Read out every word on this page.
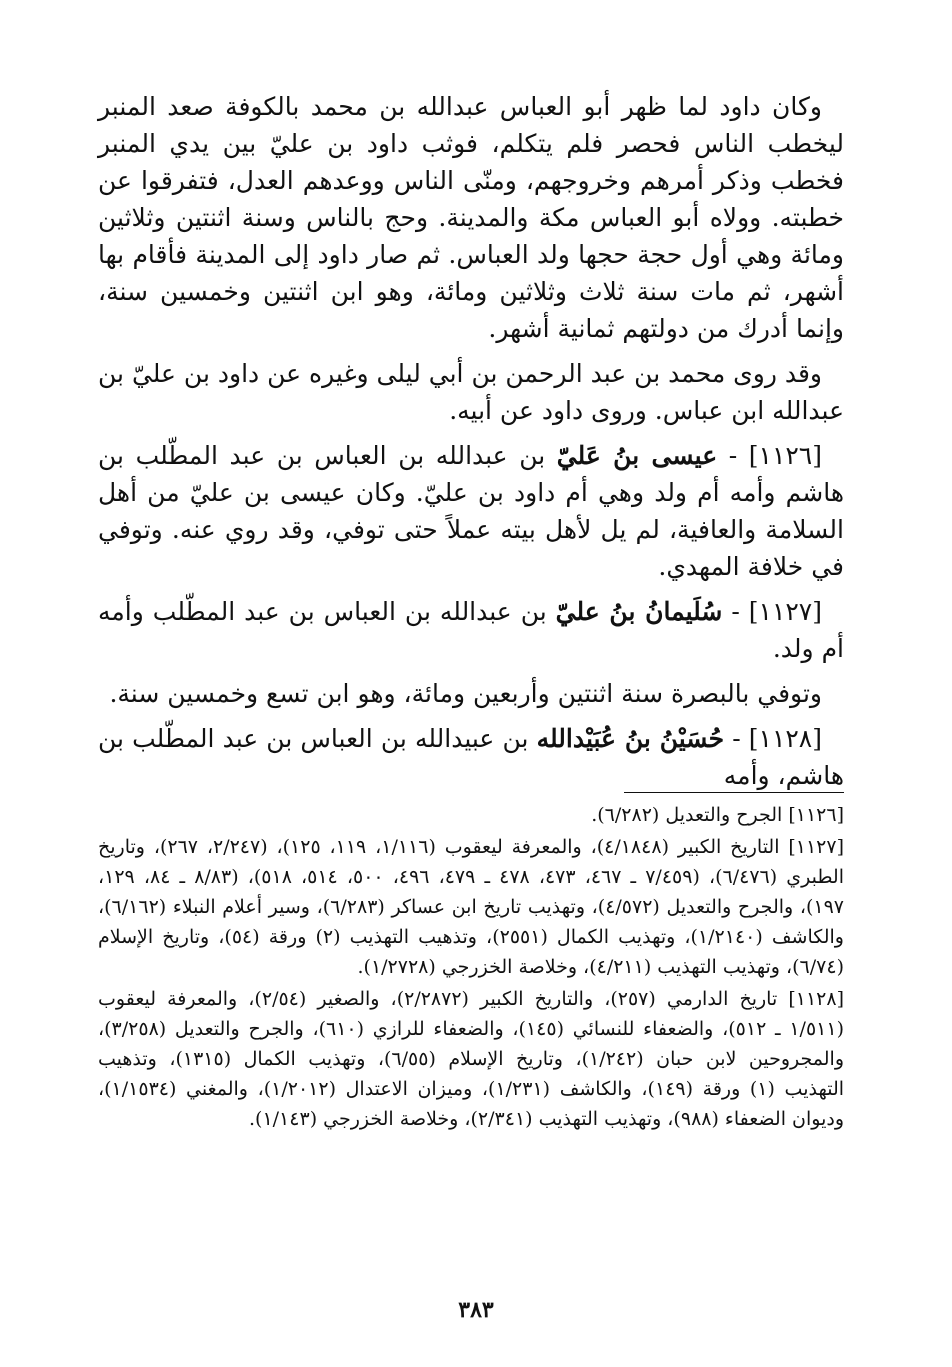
وكان داود لما ظهر أبو العباس عبدالله بن محمد بالكوفة صعد المنبر ليخطب الناس فحصر فلم يتكلم، فوثب داود بن عليّ بين يدي المنبر فخطب وذكر أمرهم وخروجهم، ومنّى الناس ووعدهم العدل، فتفرقوا عن خطبته. وولاه أبو العباس مكة والمدينة. وحج بالناس وسنة اثنتين وثلاثين ومائة وهي أول حجة حجها ولد العباس. ثم صار داود إلى المدينة فأقام بها أشهر، ثم مات سنة ثلاث وثلاثين ومائة، وهو ابن اثنتين وخمسين سنة، وإنما أدرك من دولتهم ثمانية أشهر.

وقد روى محمد بن عبد الرحمن بن أبي ليلى وغيره عن داود بن عليّ بن عبدالله ابن عباس. وروى داود عن أبيه.

[١١٢٦] - عيسى بنُ عَليّ بن عبدالله بن العباس بن عبد المطّلب بن هاشم وأمه أم ولد وهي أم داود بن عليّ. وكان عيسى بن عليّ من أهل السلامة والعافية، لم يل لأهل بيته عملاً حتى توفي، وقد روي عنه. وتوفي في خلافة المهدي.

[١١٢٧] - سُلَيمانُ بنُ عليّ بن عبدالله بن العباس بن عبد المطّلب وأمه أم ولد.

وتوفي بالبصرة سنة اثنتين وأربعين ومائة، وهو ابن تسع وخمسين سنة.

[١١٢٨] - حُسَيْنُ بنُ عُبَيْدالله بن عبيدالله بن العباس بن عبد المطّلب بن هاشم، وأمه

[١١٢٦] الجرح والتعديل (٦/٢٨٢).

[١١٢٧] التاريخ الكبير (٤/١٨٤٨)، والمعرفة ليعقوب (١/١١٦، ١١٩، ١٢٥)، (٢/٢٤٧، ٢٦٧)، وتاريخ الطبري (٦/٤٧٦)، (٧/٤٥٩ ـ ٤٦٧، ٤٧٣، ٤٧٨ ـ ٤٧٩، ٤٩٦، ٥٠٠، ٥١٤، ٥١٨)، (٨/٨٣ ـ ٨٤، ١٢٩، ١٩٧)، والجرح والتعديل (٤/٥٧٢)، وتهذيب تاريخ ابن عساكر (٦/٢٨٣)، وسير أعلام النبلاء (٦/١٦٢)، والكاشف (١/٢١٤٠)، وتهذيب الكمال (٢٥٥١)، وتذهيب التهذيب (٢) ورقة (٥٤)، وتاريخ الإسلام (٦/٧٤)، وتهذيب التهذيب (٤/٢١١)، وخلاصة الخزرجي (١/٢٧٢٨).

[١١٢٨] تاريخ الدارمي (٢٥٧)، والتاريخ الكبير (٢/٢٨٧٢)، والصغير (٢/٥٤)، والمعرفة ليعقوب (١/٥١١ ـ ٥١٢)، والضعفاء للنسائي (١٤٥)، والضعفاء للرازي (٦١٠)، والجرح والتعديل (٣/٢٥٨)، والمجروحين لابن حبان (١/٢٤٢)، وتاريخ الإسلام (٦/٥٥)، وتهذيب الكمال (١٣١٥)، وتذهيب التهذيب (١) ورقة (١٤٩)، والكاشف (١/٢٣١)، وميزان الاعتدال (١/٢٠١٢)، والمغني (١/١٥٣٤)، وديوان الضعفاء (٩٨٨)، وتهذيب التهذيب (٢/٣٤١)، وخلاصة الخزرجي (١/١٤٣).

٣٨٣
